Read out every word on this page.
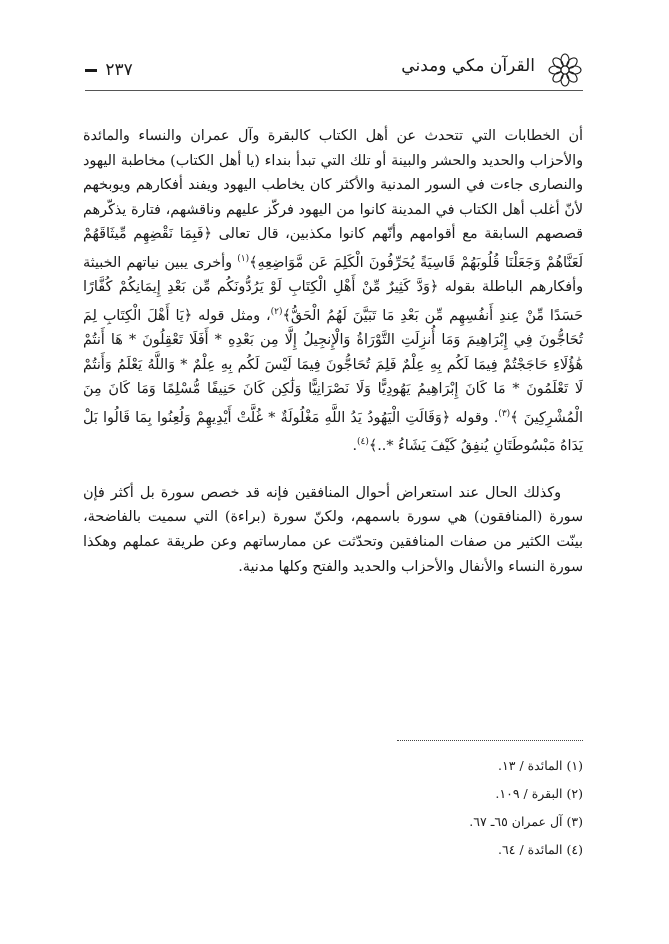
٢٣٧	القرآن مكي ومدني

أن الخطابات التي تتحدث عن أهل الكتاب كالبقرة وآل عمران والنساء والمائدة والأحزاب والحديد والحشر والبينة أو تلك التي تبدأ بنداء (يا أهل الكتاب) مخاطبة اليهود والنصارى جاءت في السور المدنية والأكثر كان يخاطب اليهود ويفند أفكارهم ويوبخهم لأنّ أغلب أهل الكتاب في المدينة كانوا من اليهود فركّز عليهم وناقشهم، فتارة يذكّرهم قصصهم السابقة مع أقوامهم وأنّهم كانوا مكذبين، قال تعالى ﴿فَبِمَا نَقْضِهِم مِّيثَاقَهُمْ لَعَنَّاهُمْ وَجَعَلْنَا قُلُوبَهُمْ قَاسِيَةً يُحَرِّفُونَ الْكَلِمَ عَن مَّوَاضِعِهِ﴾$^{(١)}$ وأخرى يبين نياتهم الخبيثة وأفكارهم الباطلة بقوله ﴿وَدَّ كَثِيرٌ مِّنْ أَهْلِ الْكِتَابِ لَوْ يَرُدُّونَكُم مِّن بَعْدِ إِيمَانِكُمْ كُفَّارًا حَسَدًا مِّنْ عِندِ أَنفُسِهِم مِّن بَعْدِ مَا تَبَيَّنَ لَهُمُ الْحَقُّ﴾$^{(٢)}$، ومثل قوله ﴿يَا أَهْلَ الْكِتَابِ لِمَ تُحَاجُّونَ فِي إِبْرَاهِيمَ وَمَا أُنزِلَتِ التَّوْرَاةُ وَالْإِنجِيلُ إِلَّا مِن بَعْدِهِ * أَفَلَا تَعْقِلُونَ * هَا أَنتُمْ هَٰؤُلَاءِ حَاجَجْتُمْ فِيمَا لَكُم بِهِ عِلْمٌ فَلِمَ تُحَاجُّونَ فِيمَا لَيْسَ لَكُم بِهِ عِلْمٌ * وَاللَّهُ يَعْلَمُ وَأَنتُمْ لَا تَعْلَمُونَ * مَا كَانَ إِبْرَاهِيمُ يَهُودِيًّا وَلَا نَصْرَانِيًّا وَلَٰكِن كَانَ حَنِيفًا مُّسْلِمًا وَمَا كَانَ مِنَ الْمُشْرِكِينَ ﴾$^{(٣)}$. وقوله ﴿وَقَالَتِ الْيَهُودُ يَدُ اللَّهِ مَغْلُولَةٌ * غُلَّتْ أَيْدِيهِمْ وَلُعِنُوا بِمَا قَالُوا بَلْ يَدَاهُ مَبْسُوطَتَانِ يُنفِقُ كَيْفَ يَشَاءُ *..﴾$^{(٤)}$.

وكذلك الحال عند استعراض أحوال المنافقين فإنه قد خصص سورة بل أكثر فإن سورة (المنافقون) هي سورة باسمهم، ولكنّ سورة (براءة) التي سميت بالفاضحة، بينّت الكثير من صفات المنافقين وتحدّثت عن ممارساتهم وعن طريقة عملهم وهكذا سورة النساء والأنفال والأحزاب والحديد والفتح وكلها مدنية.

(١) المائدة / ١٣.
(٢) البقرة / ١٠٩.
(٣) آل عمران ٦٥ـ ٦٧.
(٤) المائدة / ٦٤.
